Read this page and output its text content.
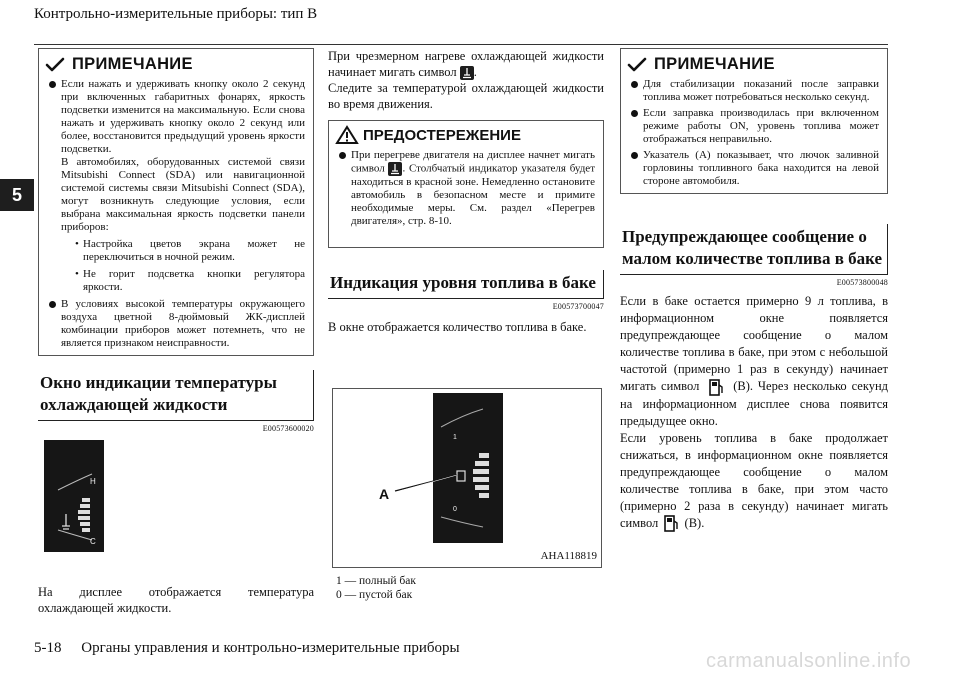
Контрольно-измерительные приборы: тип B
5
ПРИМЕЧАНИЕ
Если нажать и удерживать кнопку около 2 секунд при включенных габаритных фонарях, яркость подсветки изменится на максимальную. Если снова нажать и удерживать кнопку около 2 секунд или более, восстановится предыдущий уровень яркости подсветки.
В автомобилях, оборудованных системой связи Mitsubishi Connect (SDA) или навигационной системой системы связи Mitsubishi Connect (SDA), могут возникнуть следующие условия, если выбрана максимальная яркость подсветки панели приборов:
• Настройка цветов экрана может не переключиться в ночной режим.
• Не горит подсветка кнопки регулятора яркости.
В условиях высокой температуры окружающего воздуха цветной 8-дюймовый ЖК-дисплей комбинации приборов может потемнеть, что не является признаком неисправности.
Окно индикации температуры охлаждающей жидкости
E00573600020
H
C
На дисплее отображается температура охлаждающей жидкости.
При чрезмерном нагреве охлаждающей жидкости начинает мигать символ .
Следите за температурой охлаждающей жидкости во время движения.
ПРЕДОСТЕРЕЖЕНИЕ
При перегреве двигателя на дисплее начнет мигать символ . Столбчатый индикатор указателя будет находиться в красной зоне. Немедленно остановите автомобиль в безопасном месте и примите необходимые меры. См. раздел «Перегрев двигателя», стр. 8-10.
Индикация уровня топлива в баке
E00573700047
В окне отображается количество топлива в баке.
A
1
0
AHA118819
1 — полный бак
0 — пустой бак
ПРИМЕЧАНИЕ
Для стабилизации показаний после заправки топлива может потребоваться несколько секунд.
Если заправка производилась при включенном режиме работы ON, уровень топлива может отображаться неправильно.
Указатель (A) показывает, что лючок заливной горловины топливного бака находится на левой стороне автомобиля.
Предупреждающее сообщение о малом количестве топлива в баке
E00573800048
Если в баке остается примерно 9 л топлива, в информационном окне появляется предупреждающее сообщение о малом количестве топлива в баке, при этом с небольшой частотой (примерно 1 раз в секунду) начинает мигать символ	(B). Через несколько секунд на информационном дисплее снова появится предыдущее окно.
Если уровень топлива в баке продолжает снижаться, в информационном окне появляется предупреждающее сообщение о малом количестве топлива в баке, при этом часто (примерно 2 раза в секунду) начинает мигать символ (B).
5-18 Органы управления и контрольно-измерительные приборы
carmanualsonline.info
